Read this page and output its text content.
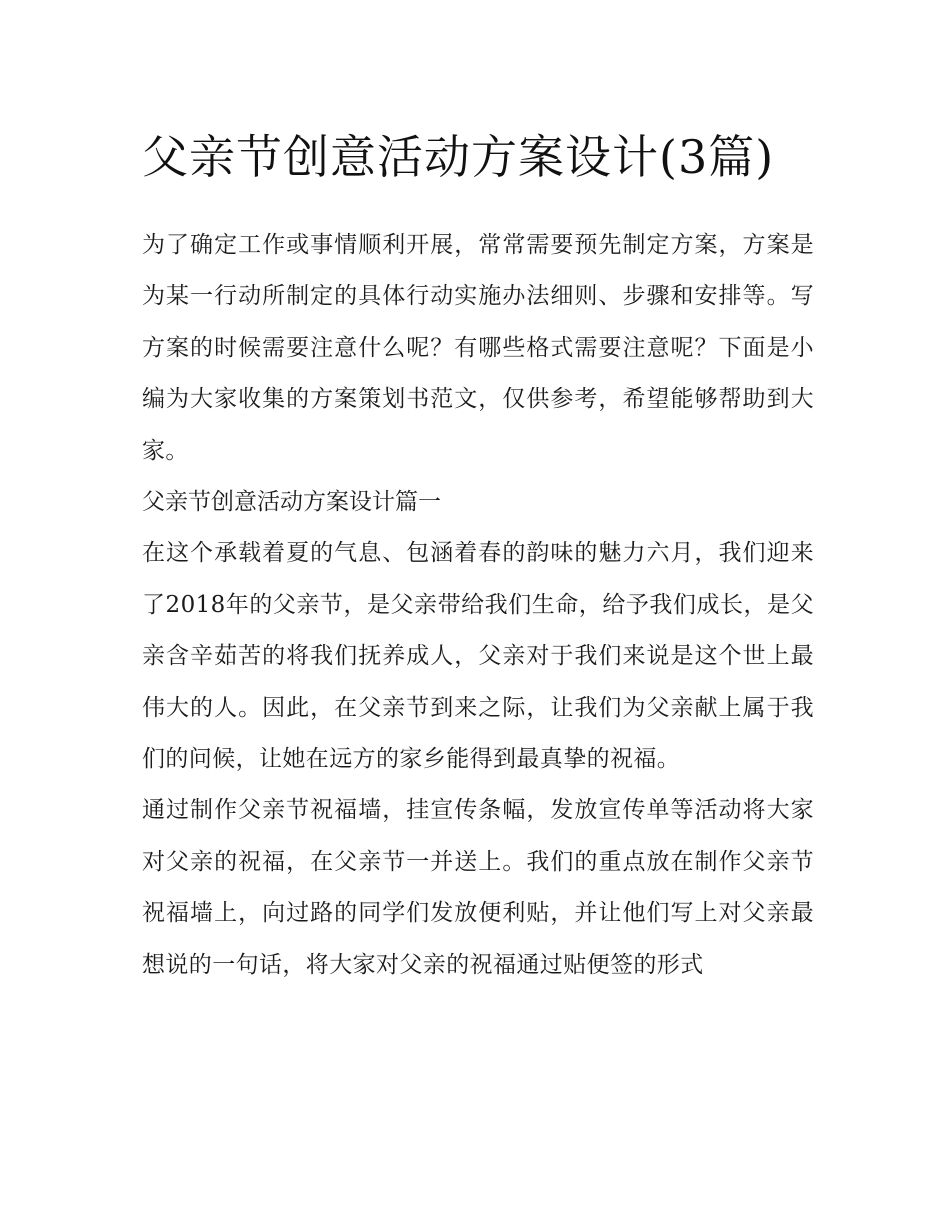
父亲节创意活动方案设计(3篇)

为了确定工作或事情顺利开展，常常需要预先制定方案，方案是为某一行动所制定的具体行动实施办法细则、步骤和安排等。写方案的时候需要注意什么呢？有哪些格式需要注意呢？下面是小编为大家收集的方案策划书范文，仅供参考，希望能够帮助到大家。

父亲节创意活动方案设计篇一

在这个承载着夏的气息、包涵着春的韵味的魅力六月，我们迎来了2018年的父亲节，是父亲带给我们生命，给予我们成长，是父亲含辛茹苦的将我们抚养成人，父亲对于我们来说是这个世上最伟大的人。因此，在父亲节到来之际，让我们为父亲献上属于我们的问候，让她在远方的家乡能得到最真挚的祝福。

通过制作父亲节祝福墙，挂宣传条幅，发放宣传单等活动将大家对父亲的祝福，在父亲节一并送上。我们的重点放在制作父亲节祝福墙上，向过路的同学们发放便利贴，并让他们写上对父亲最想说的一句话，将大家对父亲的祝福通过贴便签的形式
